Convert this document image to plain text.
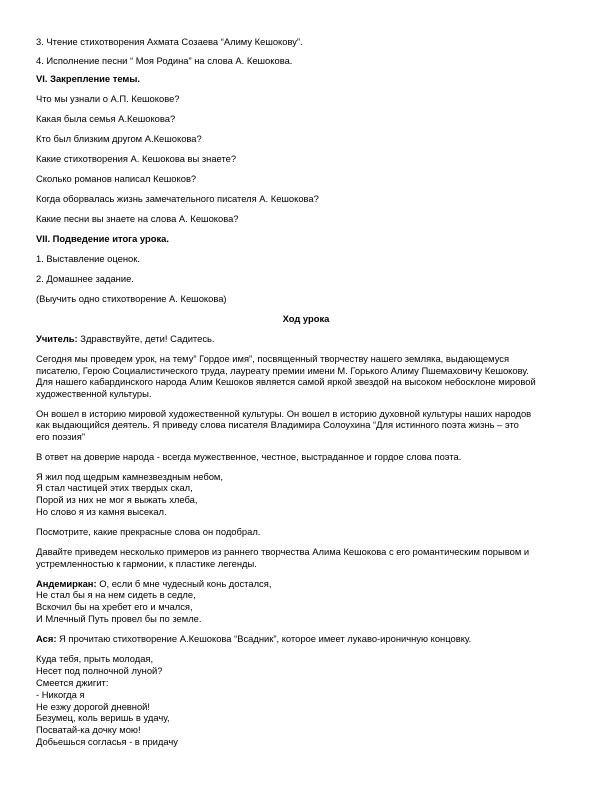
3. Чтение стихотворения Ахмата Созаева “Алиму Кешокову”.

4. Исполнение песни “ Моя Родина” на слова А. Кешокова.

VI. Закрепление темы.

Что мы узнали о А.П. Кешокове?

Какая была семья А.Кешокова?

Кто был близким другом А.Кешокова?

Какие стихотворения А. Кешокова вы знаете?

Сколько романов написал Кешоков?

Когда оборвалась жизнь замечательного писателя А. Кешокова?

Какие песни вы знаете на слова А. Кешокова?

VII. Подведение итога урока.

1. Выставление оценок.

2. Домашнее задание.

(Выучить одно стихотворение А. Кешокова)

Ход урока

Учитель: Здравствуйте, дети! Садитесь.

Сегодня мы проведем урок, на тему” Гордое имя”, посвященный творчеству нашего земляка, выдающемуся

писателю, Герою Социалистического труда, лауреату премии имени М. Горького Алиму Пшемаховичу Кешокову.

Для нашего кабардинского народа Алим Кешоков является самой яркой звездой на высоком небосклоне мировой

художественной культуры.

Он вошел в историю мировой художественной культуры. Он вошел в историю духовной культуры наших народов

как выдающийся деятель. Я приведу слова писателя Владимира Солоухина “Для истинного поэта жизнь – это

его поэзия”

В ответ на доверие народа - всегда мужественное, честное, выстраданное и гордое слова поэта.

Я жил под щедрым камнезвездным небом,

Я стал частицей этих твердых скал,

Порой из них не мог я выжать хлеба,

Но слово я из камня высекал.

Посмотрите, какие прекрасные слова он подобрал.

Давайте приведем несколько примеров из раннего творчества Алима Кешокова с его романтическим порывом и

устремленностью к гармонии, к пластике легенды.

Андемиркан: О, если б мне чудесный конь достался,

Не стал бы я на нем сидеть в седле,

Вскочил бы на хребет его и мчался,

И Млечный Путь провел бы по земле.

Ася: Я прочитаю стихотворение А.Кешокова “Всадник”, которое имеет лукаво-ироничную концовку.

Куда тебя, прыть молодая,

Несет под полночной луной?

Смеется джигит:

- Никогда я

Не езжу дорогой дневной!

Безумец, коль веришь в удачу,

Посватай-ка дочку мою!

Добьешься согласья - в придачу
